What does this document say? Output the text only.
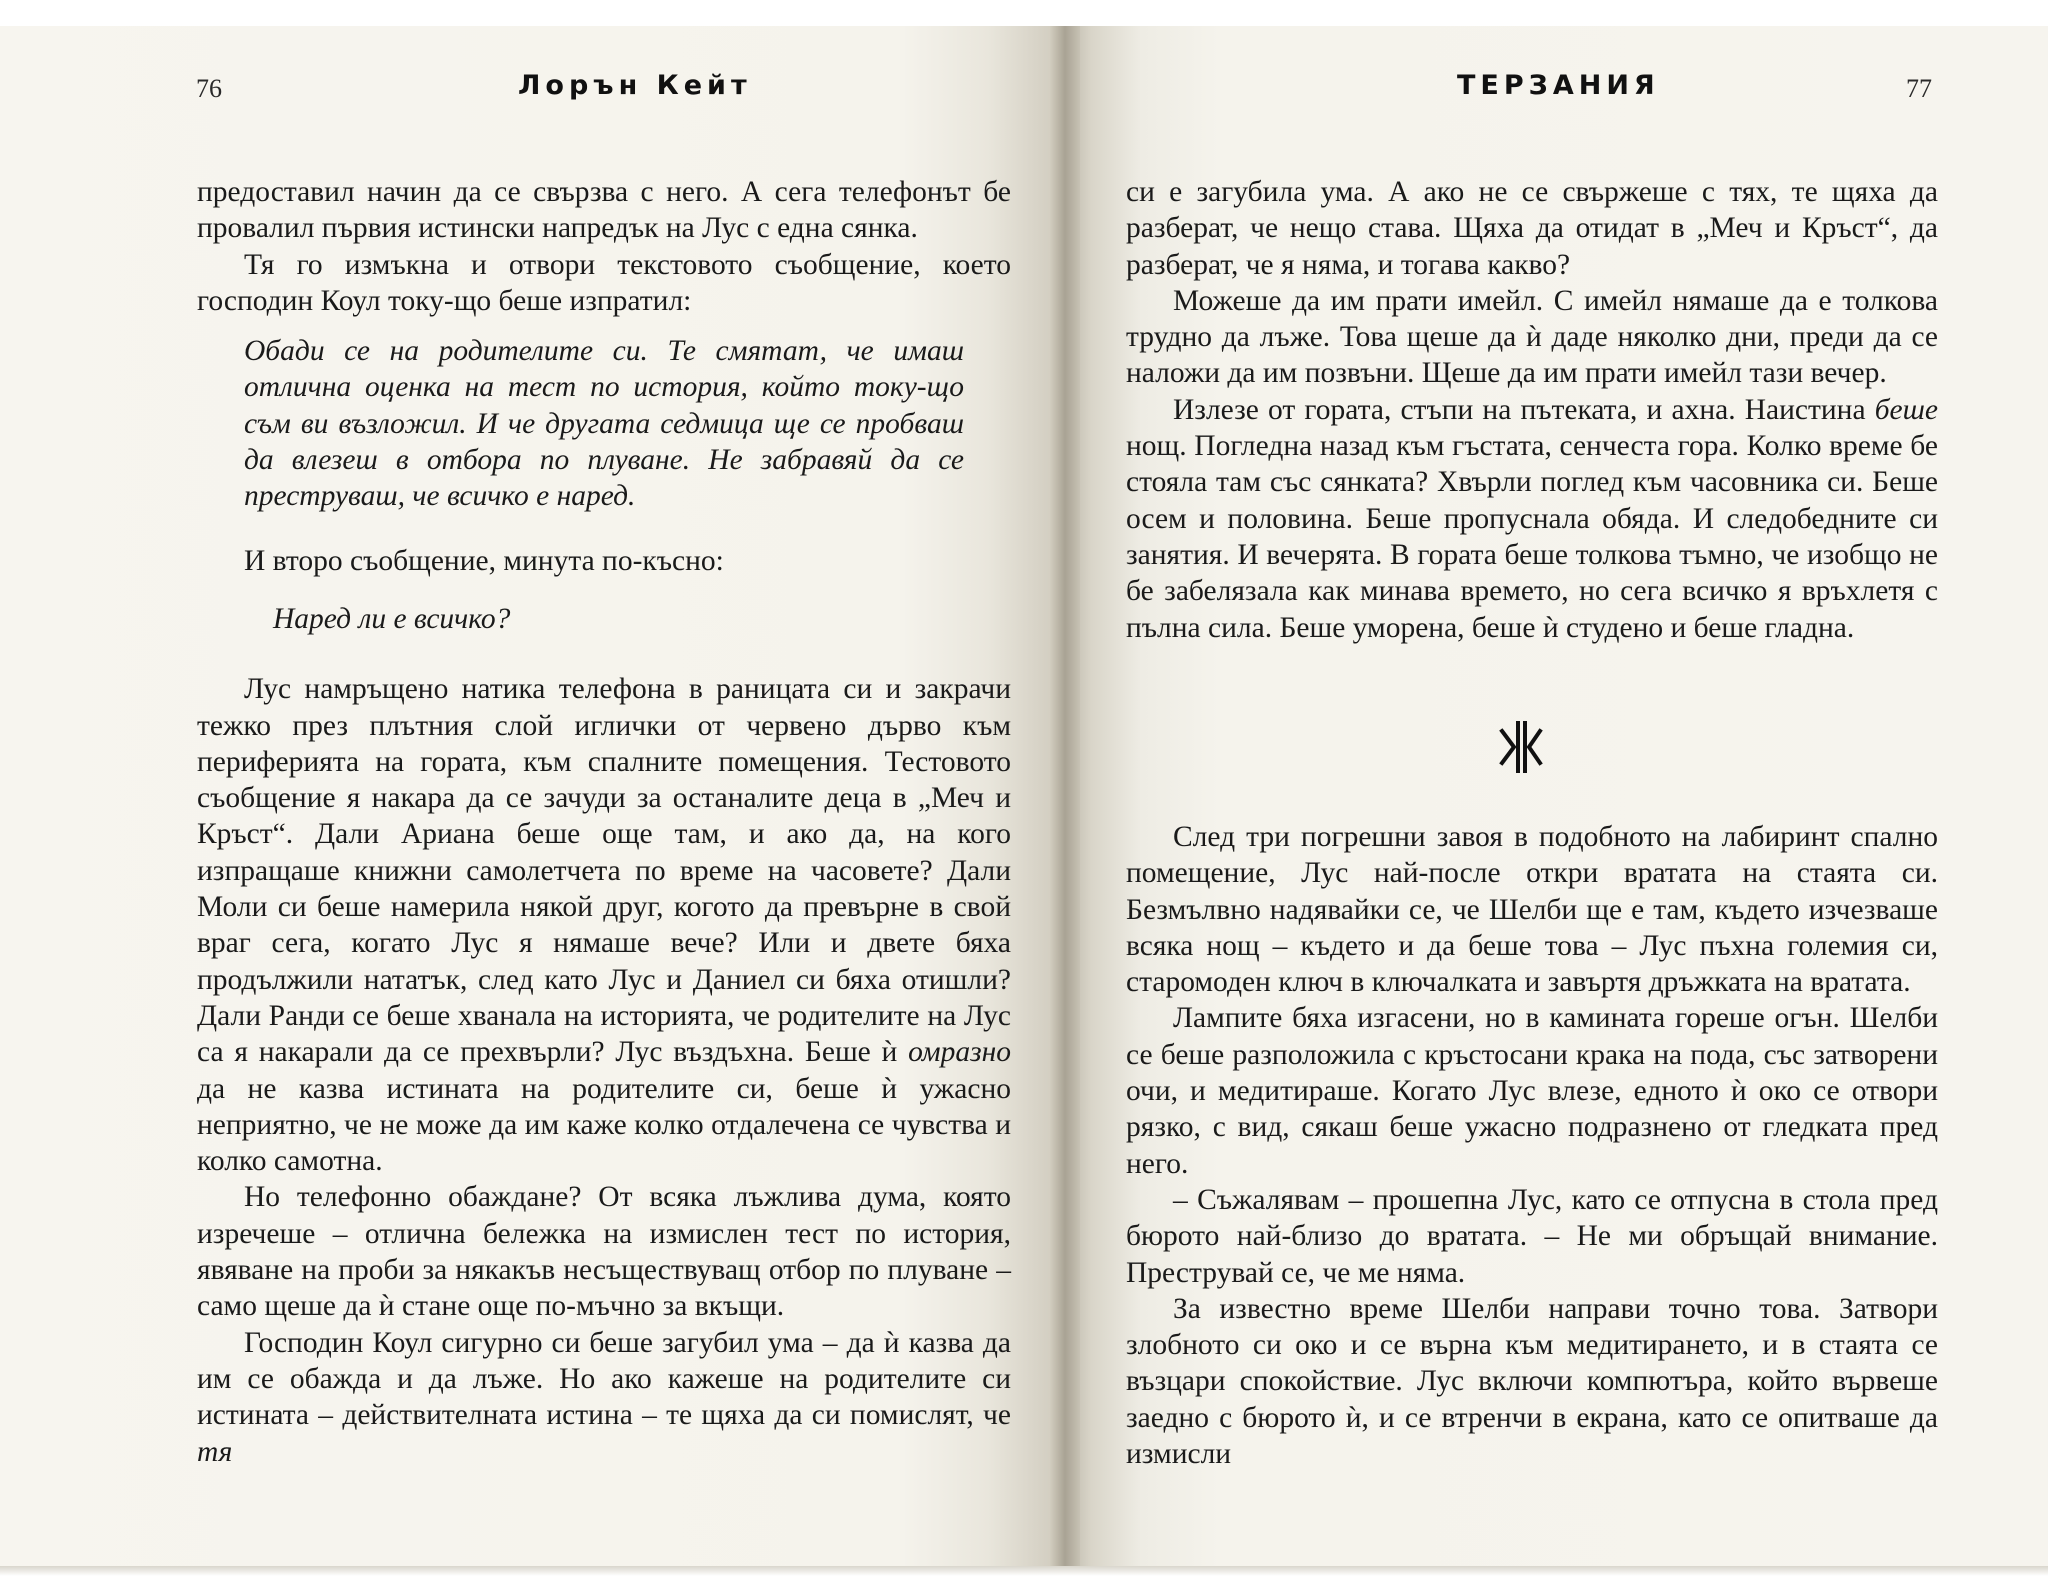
76	Лорън Кейт	ТЕРЗАНИЯ	77

предоставил начин да се свързва с него. А сега телефонът бе провалил първия истински напредък на Лус с една сянка.

Тя го измъкна и отвори текстовото съобщение, което господин Коул току-що беше изпратил:

Обади се на родителите си. Те смятат, че имаш отлична оценка на тест по история, който току-що съм ви възложил. И че другата седмица ще се пробваш да влезеш в отбора по плуване. Не забравяй да се преструваш, че всичко е наред.

И второ съобщение, минута по-късно:

Наред ли е всичко?

Лус намръщено натика телефона в раницата си и закрачи тежко през плътния слой иглички от червено дърво към периферията на гората, към спалните помещения. Тестовото съобщение я накара да се зачуди за останалите деца в „Меч и Кръст“. Дали Ариана беше още там, и ако да, на кого изпращаше книжни самолетчета по време на часовете? Дали Моли си беше намерила някой друг, когото да превърне в свой враг сега, когато Лус я нямаше вече? Или и двете бяха продължили нататък, след като Лус и Даниел си бяха отишли? Дали Ранди се беше хванала на историята, че родителите на Лус са я накарали да се прехвърли? Лус въздъхна. Беше ѝ омразно да не казва истината на родителите си, беше ѝ ужасно неприятно, че не може да им каже колко отдалечена се чувства и колко самотна.

Но телефонно обаждане? От всяка лъжлива дума, която изречеше – отлична бележка на измислен тест по история, явяване на проби за някакъв несъществуващ отбор по плуване – само щеше да ѝ стане още по-мъчно за вкъщи.

Господин Коул сигурно си беше загубил ума – да ѝ казва да им се обажда и да лъже. Но ако кажеше на родителите си истината – действителната истина – те щяха да си помислят, че тя

си е загубила ума. А ако не се свържеше с тях, те щяха да разберат, че нещо става. Щяха да отидат в „Меч и Кръст“, да разберат, че я няма, и тогава какво?

Можеше да им прати имейл. С имейл нямаше да е толкова трудно да лъже. Това щеше да ѝ даде няколко дни, преди да се наложи да им позвъни. Щеше да им прати имейл тази вечер.

Излезе от гората, стъпи на пътеката, и ахна. Наистина беше нощ. Погледна назад към гъстата, сенчеста гора. Колко време бе стояла там със сянката? Хвърли поглед към часовника си. Беше осем и половина. Беше пропуснала обяда. И следобедните си занятия. И вечерята. В гората беше толкова тъмно, че изобщо не бе забелязала как минава времето, но сега всичко я връхлетя с пълна сила. Беше уморена, беше ѝ студено и беше гладна.

След три погрешни завоя в подобното на лабиринт спално помещение, Лус най-после откри вратата на стаята си. Безмълвно надявайки се, че Шелби ще е там, където изчезваше всяка нощ – където и да беше това – Лус пъхна големия си, старомоден ключ в ключалката и завъртя дръжката на вратата.

Лампите бяха изгасени, но в камината гореше огън. Шелби се беше разположила с кръстосани крака на пода, със затворени очи, и медитираше. Когато Лус влезе, едното ѝ око се отвори рязко, с вид, сякаш беше ужасно подразнено от гледката пред него.

– Съжалявам – прошепна Лус, като се отпусна в стола пред бюрото най-близо до вратата. – Не ми обръщай внимание. Преструвай се, че ме няма.

За известно време Шелби направи точно това. Затвори злобното си око и се върна към медитирането, и в стаята се възцари спокойствие. Лус включи компютъра, който вървеше заедно с бюрото ѝ, и се втренчи в екрана, като се опитваше да измисли
